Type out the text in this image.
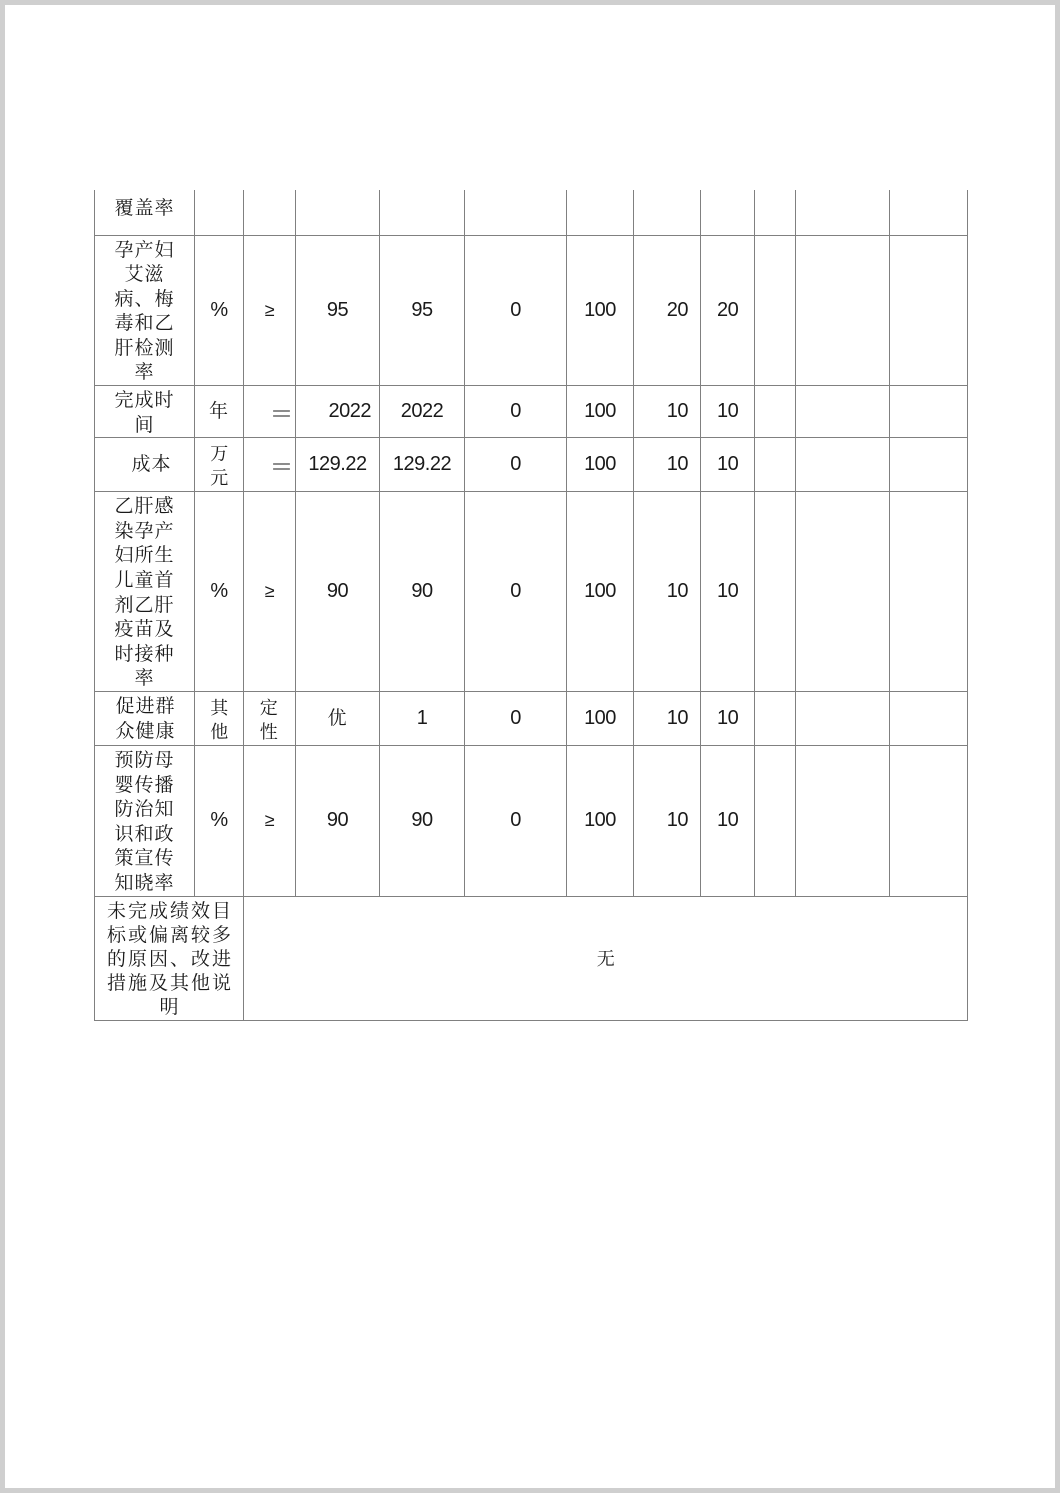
覆盖率											
孕产妇艾滋病、梅毒和乙肝检测率	%	≥	95	95	0	100	20	20			
完成时间	年	＝	2022	2022	0	100	10	10			
成本	万元	＝	129.22	129.22	0	100	10	10			
乙肝感染孕产妇所生儿童首剂乙肝疫苗及时接种率	%	≥	90	90	0	100	10	10			
促进群众健康	其他	定性	优	1	0	100	10	10			
预防母婴传播防治知识和政策宣传知晓率	%	≥	90	90	0	100	10	10			
未完成绩效目标或偏离较多的原因、改进措施及其他说明		无									
